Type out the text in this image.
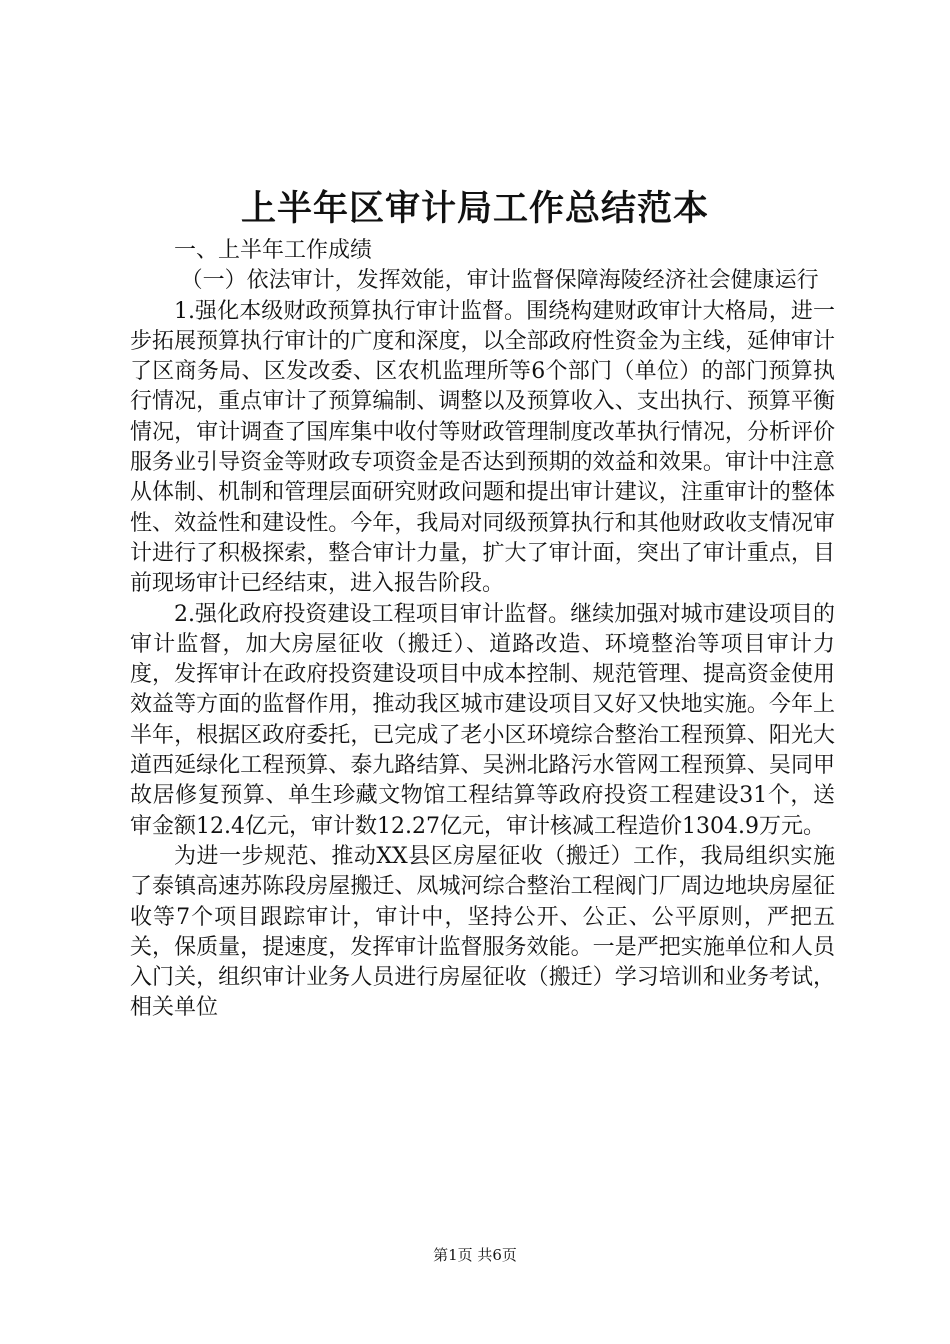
上半年区审计局工作总结范本

一、上半年工作成绩

（一）依法审计，发挥效能，审计监督保障海陵经济社会健康运行

1.强化本级财政预算执行审计监督。围绕构建财政审计大格局，进一步拓展预算执行审计的广度和深度，以全部政府性资金为主线，延伸审计了区商务局、区发改委、区农机监理所等6个部门（单位）的部门预算执行情况，重点审计了预算编制、调整以及预算收入、支出执行、预算平衡情况，审计调查了国库集中收付等财政管理制度改革执行情况，分析评价服务业引导资金等财政专项资金是否达到预期的效益和效果。审计中注意从体制、机制和管理层面研究财政问题和提出审计建议，注重审计的整体性、效益性和建设性。今年，我局对同级预算执行和其他财政收支情况审计进行了积极探索，整合审计力量，扩大了审计面，突出了审计重点，目前现场审计已经结束，进入报告阶段。

2.强化政府投资建设工程项目审计监督。继续加强对城市建设项目的审计监督，加大房屋征收（搬迁）、道路改造、环境整治等项目审计力度，发挥审计在政府投资建设项目中成本控制、规范管理、提高资金使用效益等方面的监督作用，推动我区城市建设项目又好又快地实施。今年上半年，根据区政府委托，已完成了老小区环境综合整治工程预算、阳光大道西延绿化工程预算、泰九路结算、吴洲北路污水管网工程预算、吴同甲故居修复预算、单生珍藏文物馆工程结算等政府投资工程建设31个，送审金额12.4亿元，审计数12.27亿元，审计核减工程造价1304.9万元。

为进一步规范、推动XX县区房屋征收（搬迁）工作，我局组织实施了泰镇高速苏陈段房屋搬迁、凤城河综合整治工程阀门厂周边地块房屋征收等7个项目跟踪审计，审计中，坚持公开、公正、公平原则，严把五关，保质量，提速度，发挥审计监督服务效能。一是严把实施单位和人员入门关，组织审计业务人员进行房屋征收（搬迁）学习培训和业务考试，相关单位

第1页 共6页
